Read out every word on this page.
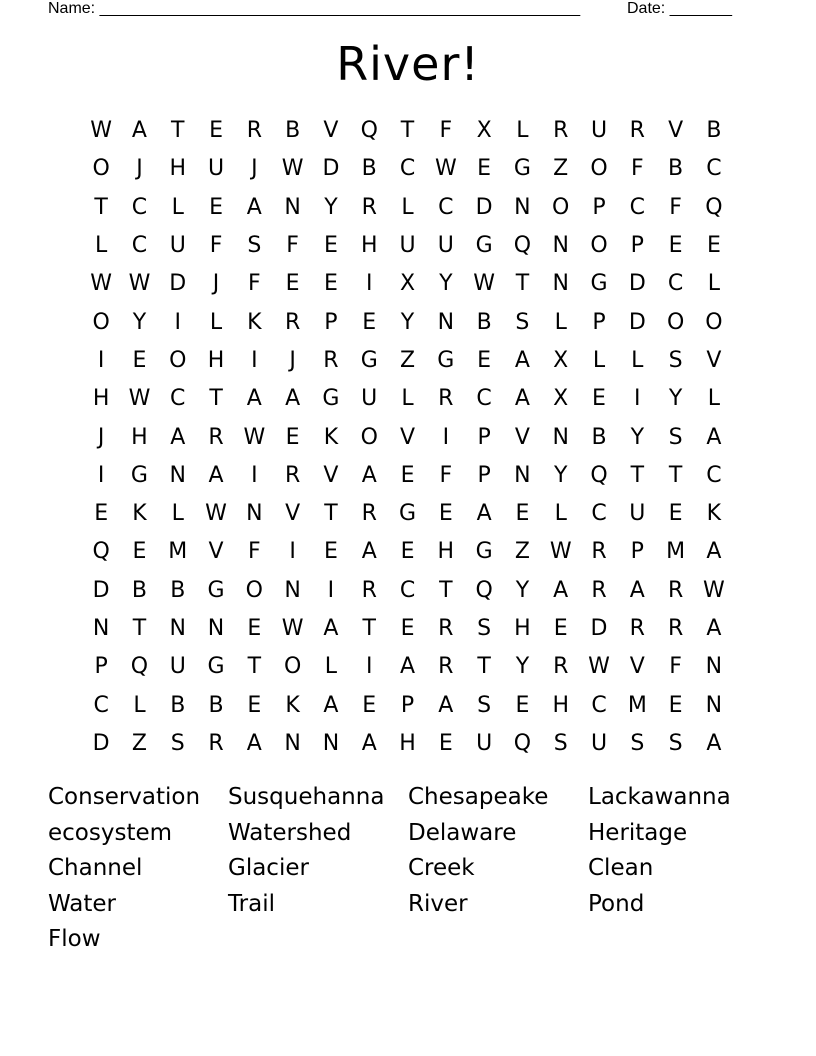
Name: ______________________________________________________	Date: _______
River!
W A	T	E	R	B	V	Q	T	F	X	L	R	U	R	V	B
O	J	H U	J	W D	B	C W E	G	Z	O	F	B	C
T	C	L	E	A	N	Y	R	L	C	D N O	P	C	F	Q
L	C	U	F	S	F	E	H U	U G Q N O	P	E	E
W W D	J	F	E	E	I	X	Y W T	N G D	C	L
O	Y	I	L	K	R	P	E	Y	N	B	S	L	P	D O O
I	E	O H	I	J	R	G	Z	G	E	A	X	L	L	S	V
H W C	T	A	A	G U	L	R	C	A	X	E	I	Y	L
J	H	A	R W E	K	O	V	I	P	V	N	B	Y	S	A
I	G N	A	I	R	V	A	E	F	P	N	Y	Q	T	T	C
E	K	L W N	V	T	R	G	E	A	E	L	C	U	E	K
Q	E M V	F	I	E	A	E	H G	Z W R	P	M A
D	B	B	G O N	I	R	C	T	Q	Y	A	R	A	R W
N	T	N N	E W A	T	E	R	S	H	E	D	R	R	A
P	Q U G	T	O	L	I	A	R	T	Y	R W V	F	N
C	L	B	B	E	K	A	E	P	A	S	E	H	C M E	N
D	Z	S	R	A	N N	A	H	E	U Q	S	U	S	S	A
Conservation	Susquehanna	Chesapeake	Lackawanna
ecosystem	Watershed	Delaware	Heritage
Channel	Glacier	Creek	Clean
Water	Trail	River	Pond
Flow
